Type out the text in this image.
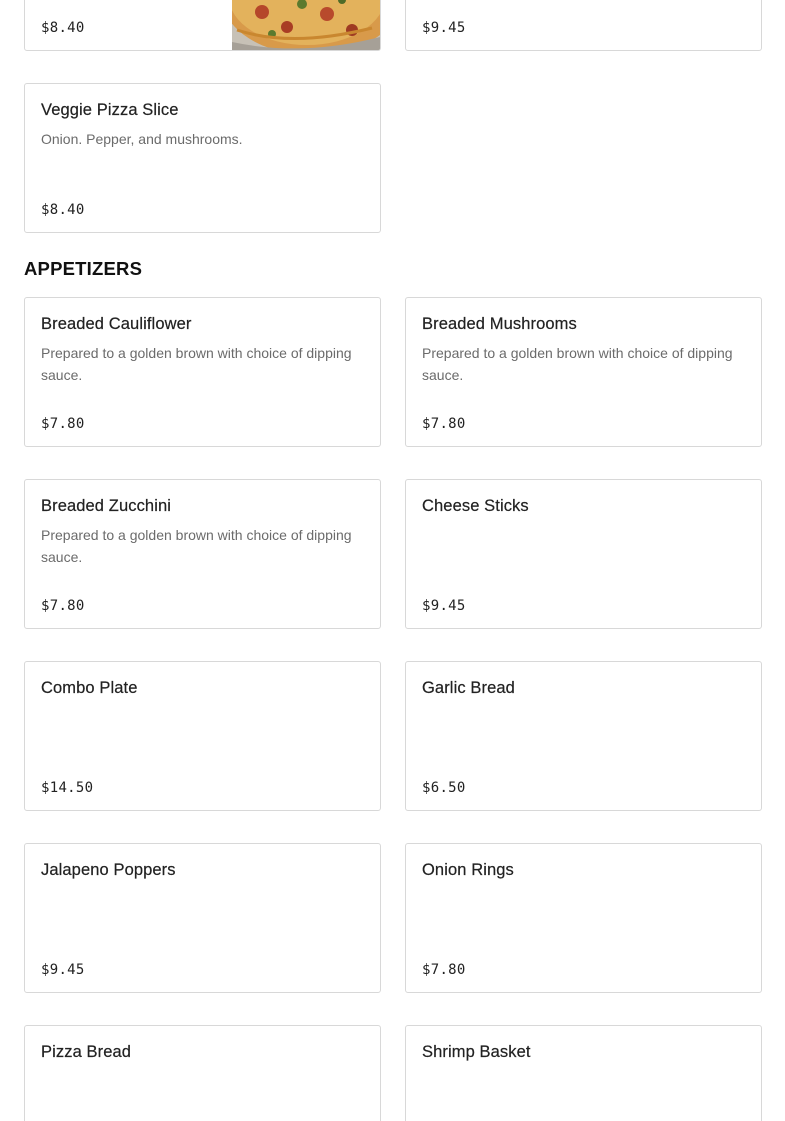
$8.40	$9.45
Veggie Pizza Slice
Onion. Pepper, and mushrooms.
$8.40
APPETIZERS
Breaded Cauliflower
Prepared to a golden brown with choice of dipping sauce.
$7.80
Breaded Mushrooms
Prepared to a golden brown with choice of dipping sauce.
$7.80
Breaded Zucchini
Prepared to a golden brown with choice of dipping sauce.
$7.80
Cheese Sticks
$9.45
Combo Plate
$14.50
Garlic Bread
$6.50
Jalapeno Poppers
$9.45
Onion Rings
$7.80
Pizza Bread	Shrimp Basket
